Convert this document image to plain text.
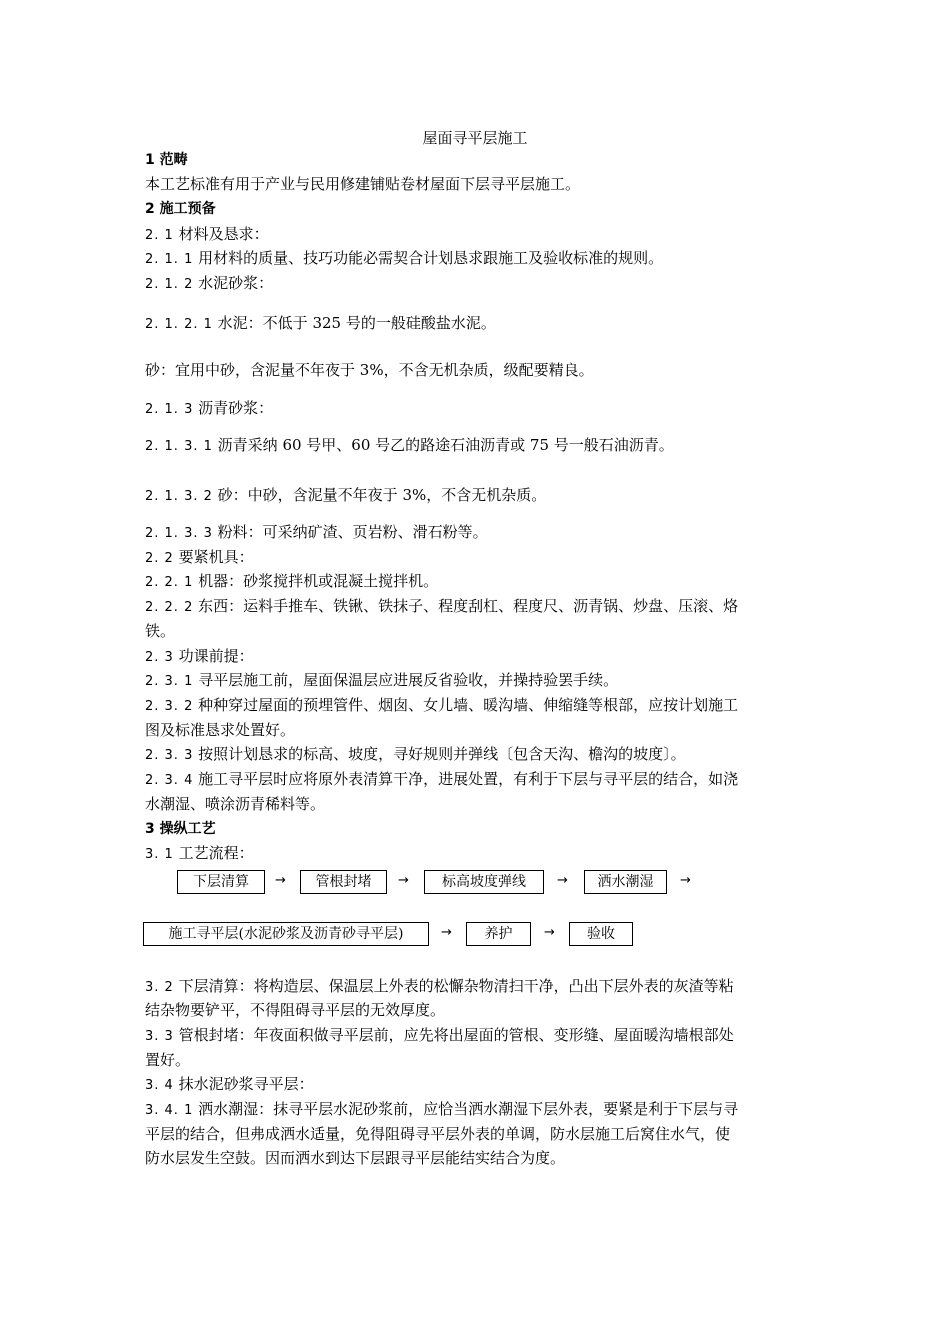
屋面寻平层施工
1 范畴
本工艺标准有用于产业与民用修建铺贴卷材屋面下层寻平层施工。
2 施工预备
2. 1 材料及恳求：
2. 1. 1 用材料的质量、技巧功能必需契合计划恳求跟施工及验收标准的规则。
2. 1. 2 水泥砂浆：
2. 1. 2. 1 水泥：不低于 325 号的一般硅酸盐水泥。
砂：宜用中砂，含泥量不年夜于 3%，不含无机杂质，级配要精良。
2. 1. 3 沥青砂浆：
2. 1. 3. 1 沥青采纳 60 号甲、60 号乙的路途石油沥青或 75 号一般石油沥青。
2. 1. 3. 2 砂：中砂，含泥量不年夜于 3%，不含无机杂质。
2. 1. 3. 3 粉料：可采纳矿渣、页岩粉、滑石粉等。
2. 2 要紧机具：
2. 2. 1 机器：砂浆搅拌机或混凝土搅拌机。
2. 2. 2 东西：运料手推车、铁锹、铁抹子、程度刮杠、程度尺、沥青锅、炒盘、压滚、烙
铁。
2. 3 功课前提：
2. 3. 1 寻平层施工前，屋面保温层应进展反省验收，并操持验罢手续。
2. 3. 2 种种穿过屋面的预埋管件、烟囱、女儿墙、暖沟墙、伸缩缝等根部，应按计划施工
图及标准恳求处置好。
2. 3. 3 按照计划恳求的标高、坡度，寻好规则并弹线〔包含天沟、檐沟的坡度〕。
2. 3. 4 施工寻平层时应将原外表清算干净，进展处置，有利于下层与寻平层的结合，如浇
水潮湿、喷涂沥青稀料等。
3 操纵工艺
3. 1 工艺流程：
下层清算	→	管根封堵	→	标高坡度弹线	→	洒水潮湿	→
施工寻平层(水泥砂浆及沥青砂寻平层)	→	养护	→	验收
3. 2 下层清算：将构造层、保温层上外表的松懈杂物清扫干净，凸出下层外表的灰渣等粘
结杂物要铲平，不得阻碍寻平层的无效厚度。
3. 3 管根封堵：年夜面积做寻平层前，应先将出屋面的管根、变形缝、屋面暖沟墙根部处
置好。
3. 4 抹水泥砂浆寻平层：
3. 4. 1 洒水潮湿：抹寻平层水泥砂浆前，应恰当洒水潮湿下层外表，要紧是利于下层与寻
平层的结合，但弗成洒水适量，免得阻碍寻平层外表的单调，防水层施工后窝住水气，使
防水层发生空鼓。因而洒水到达下层跟寻平层能结实结合为度。
